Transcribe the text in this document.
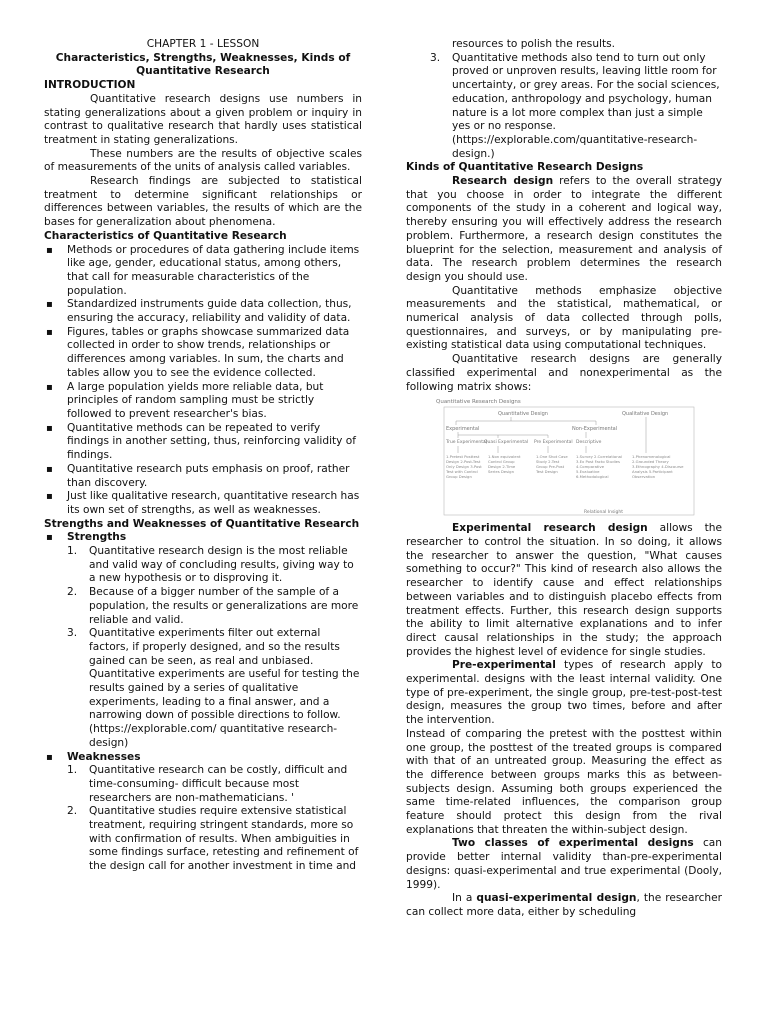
CHAPTER 1 - LESSON

Characteristics, Strengths, Weaknesses, Kinds of Quantitative Research

INTRODUCTION

Quantitative research designs use numbers in stating generalizations about a given problem or inquiry in contrast to qualitative research that hardly uses statistical treatment in stating generalizations.

These numbers are the results of objective scales of measurements of the units of analysis called variables.

Research findings are subjected to statistical treatment to determine significant relationships or differences between variables, the results of which are the bases for generalization about phenomena.

Characteristics of Quantitative Research

▪ Methods or procedures of data gathering include items like age, gender, educational status, among others, that call for measurable characteristics of the population.
▪ Standardized instruments guide data collection, thus, ensuring the accuracy, reliability and validity of data.
▪ Figures, tables or graphs showcase summarized data collected in order to show trends, relationships or differences among variables. In sum, the charts and tables allow you to see the evidence collected.
▪ A large population yields more reliable data, but principles of random sampling must be strictly followed to prevent researcher's bias.
▪ Quantitative methods can be repeated to verify findings in another setting, thus, reinforcing validity of findings.
▪ Quantitative research puts emphasis on proof, rather than discovery.
▪ Just like qualitative research, quantitative research has its own set of strengths, as well as weaknesses.

Strengths and Weaknesses of Quantitative Research

▪ Strengths
1. Quantitative research design is the most reliable and valid way of concluding results, giving way to a new hypothesis or to disproving it.
2. Because of a bigger number of the sample of a population, the results or generalizations are more reliable and valid.
3. Quantitative experiments filter out external factors, if properly designed, and so the results gained can be seen, as real and unbiased. Quantitative experiments are useful for testing the results gained by a series of qualitative experiments, leading to a final answer, and a narrowing down of possible directions to follow. (https://explorable.com/ quantitative research-design)
▪ Weaknesses
1. Quantitative research can be costly, difficult and time-consuming- difficult because most researchers are non-mathematicians. '
2. Quantitative studies require extensive statistical treatment, requiring stringent standards, more so with confirmation of results. When ambiguities in some findings surface, retesting and refinement of the design call for another investment in time and
resources to polish the results.
3. Quantitative methods also tend to turn out only proved or unproven results, leaving little room for uncertainty, or grey areas. For the social sciences, education, anthropology and psychology, human nature is a lot more complex than just a simple yes or no response. (https://explorable.com/quantitative-research-design.)

Kinds of Quantitative Research Designs

Research design refers to the overall strategy that you choose in order to integrate the different components of the study in a coherent and logical way, thereby ensuring you will effectively address the research problem. Furthermore, a research design constitutes the blueprint for the selection, measurement and analysis of data. The research problem determines the research design you should use.

Quantitative methods emphasize objective measurements and the statistical, mathematical, or numerical analysis of data collected through polls, questionnaires, and surveys, or by manipulating pre-existing statistical data using computational techniques.

Quantitative research designs are generally classified experimental and nonexperimental as the following matrix shows:

Quantitative Research Designs
Quantitative Design	Qualitative Design
Experimental	Non-Experimental
True Experimental
Quasi Experimental Pre Experimental Descriptive
1.Pretest Posttest Design 2.Post-Test Only Design 3.Post Test with Control Group Design
1.Non equivalent Control Group Design 2.Time Series Design
1.One Shot Case Study 2.Test Group Pre-Post Test Design
1.Survey 2.Correlational 3.Ex Post Facto Studies 4.Comparative 5.Evaluative 6.Methodological
1.Phenomenological 2.Grounded Theory 3.Ethnography 4.Discourse Analysis 5.Participant Observation
Relational Insight

Experimental research design allows the researcher to control the situation. In so doing, it allows the researcher to answer the question, "What causes something to occur?" This kind of research also allows the researcher to identify cause and effect relationships between variables and to distinguish placebo effects from treatment effects. Further, this research design supports the ability to limit alternative explanations and to infer direct causal relationships in the study; the approach provides the highest level of evidence for single studies.

Pre-experimental types of research apply to experimental. designs with the least internal validity. One type of pre-experiment, the single group, pre-test-post-test design, measures the group two times, before and after the intervention.

Instead of comparing the pretest with the posttest within one group, the posttest of the treated groups is compared with that of an untreated group. Measuring the effect as the difference between groups marks this as between-subjects design. Assuming both groups experienced the same time-related influences, the comparison group feature should protect this design from the rival explanations that threaten the within-subject design.

Two classes of experimental designs can provide better internal validity than-pre-experimental designs: quasi-experimental and true experimental (Dooly, 1999).

In a quasi-experimental design, the researcher can collect more data, either by scheduling
